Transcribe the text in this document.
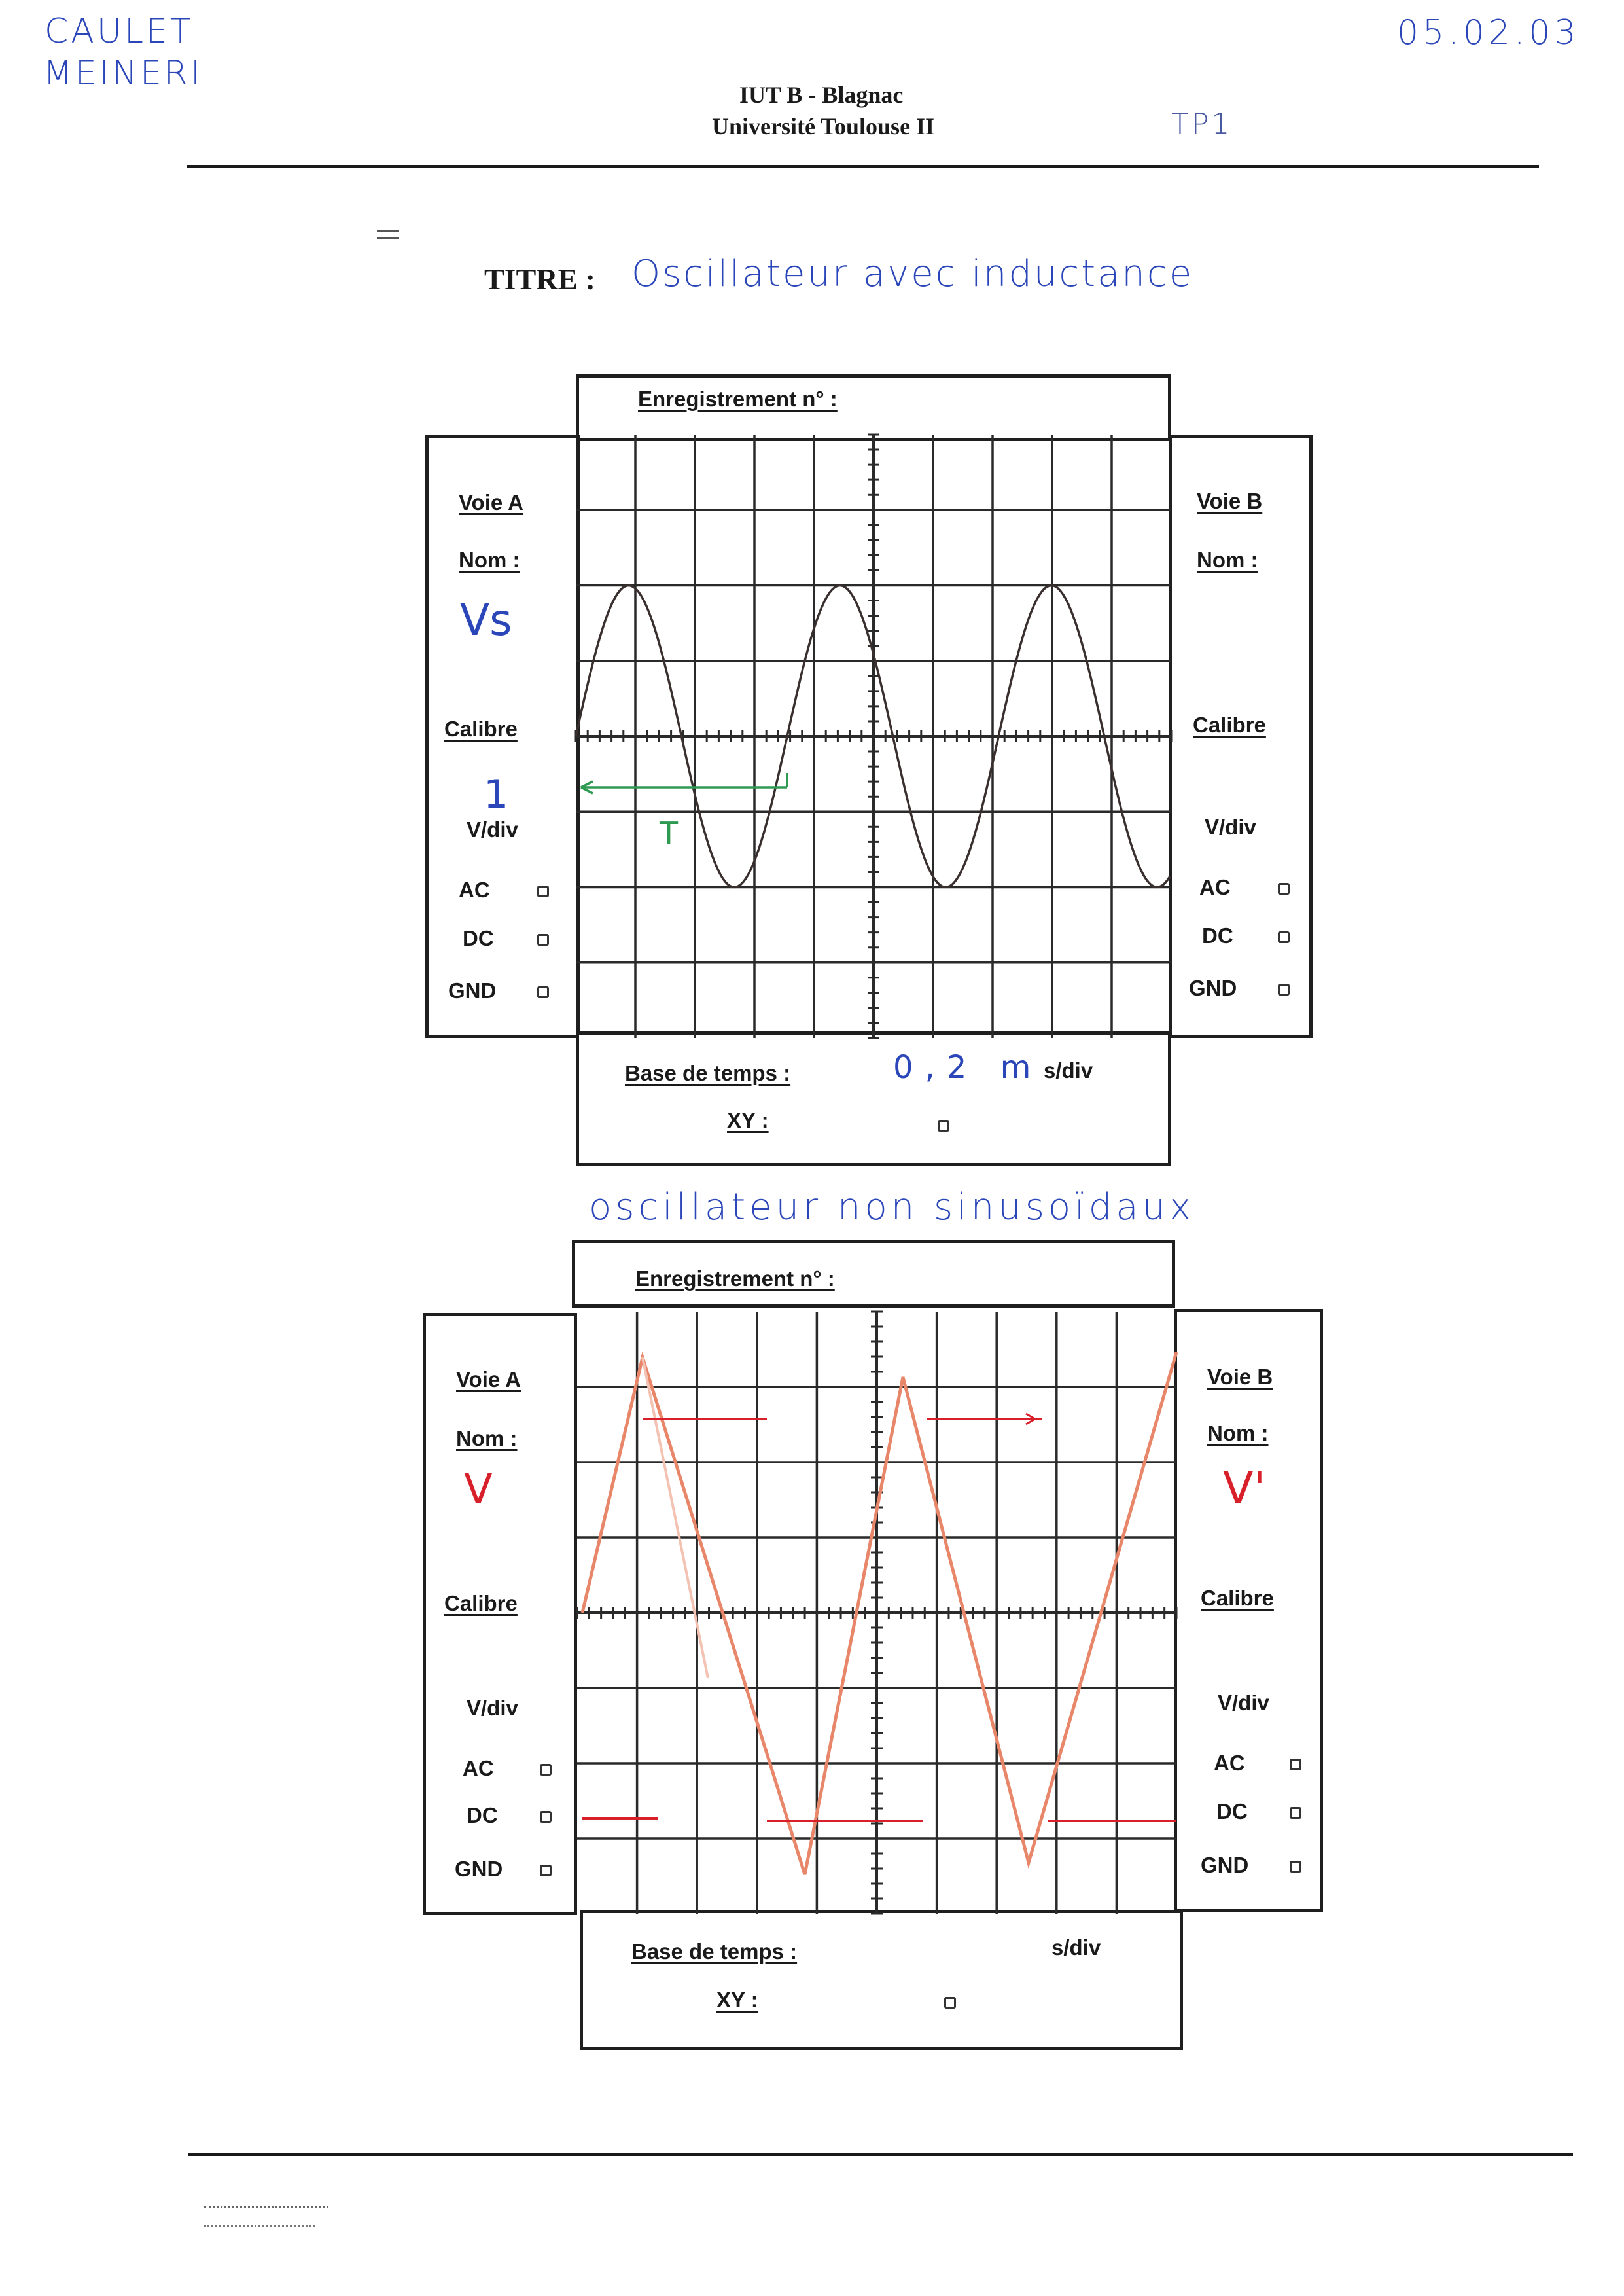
CAULET
MEINERI
05.02.03
IUT B - Blagnac
Université Toulouse II	TP1
TITRE : Oscillateur avec inductance
Enregistrement n° :
Voie A
Nom :
Vs
Calibre
1
V/div
AC
DC
GND
Voie B
Nom :
Calibre
V/div
AC
DC
GND
Base de temps :	0,2 m s/div
XY :
T
oscillateur non sinusoïdaux
Enregistrement n° :
Voie A
Nom :
V
Calibre
V/div
AC
DC
GND
Voie B
Nom :
V'
Calibre
V/div
AC
DC
GND
Base de temps :	s/div
XY :
